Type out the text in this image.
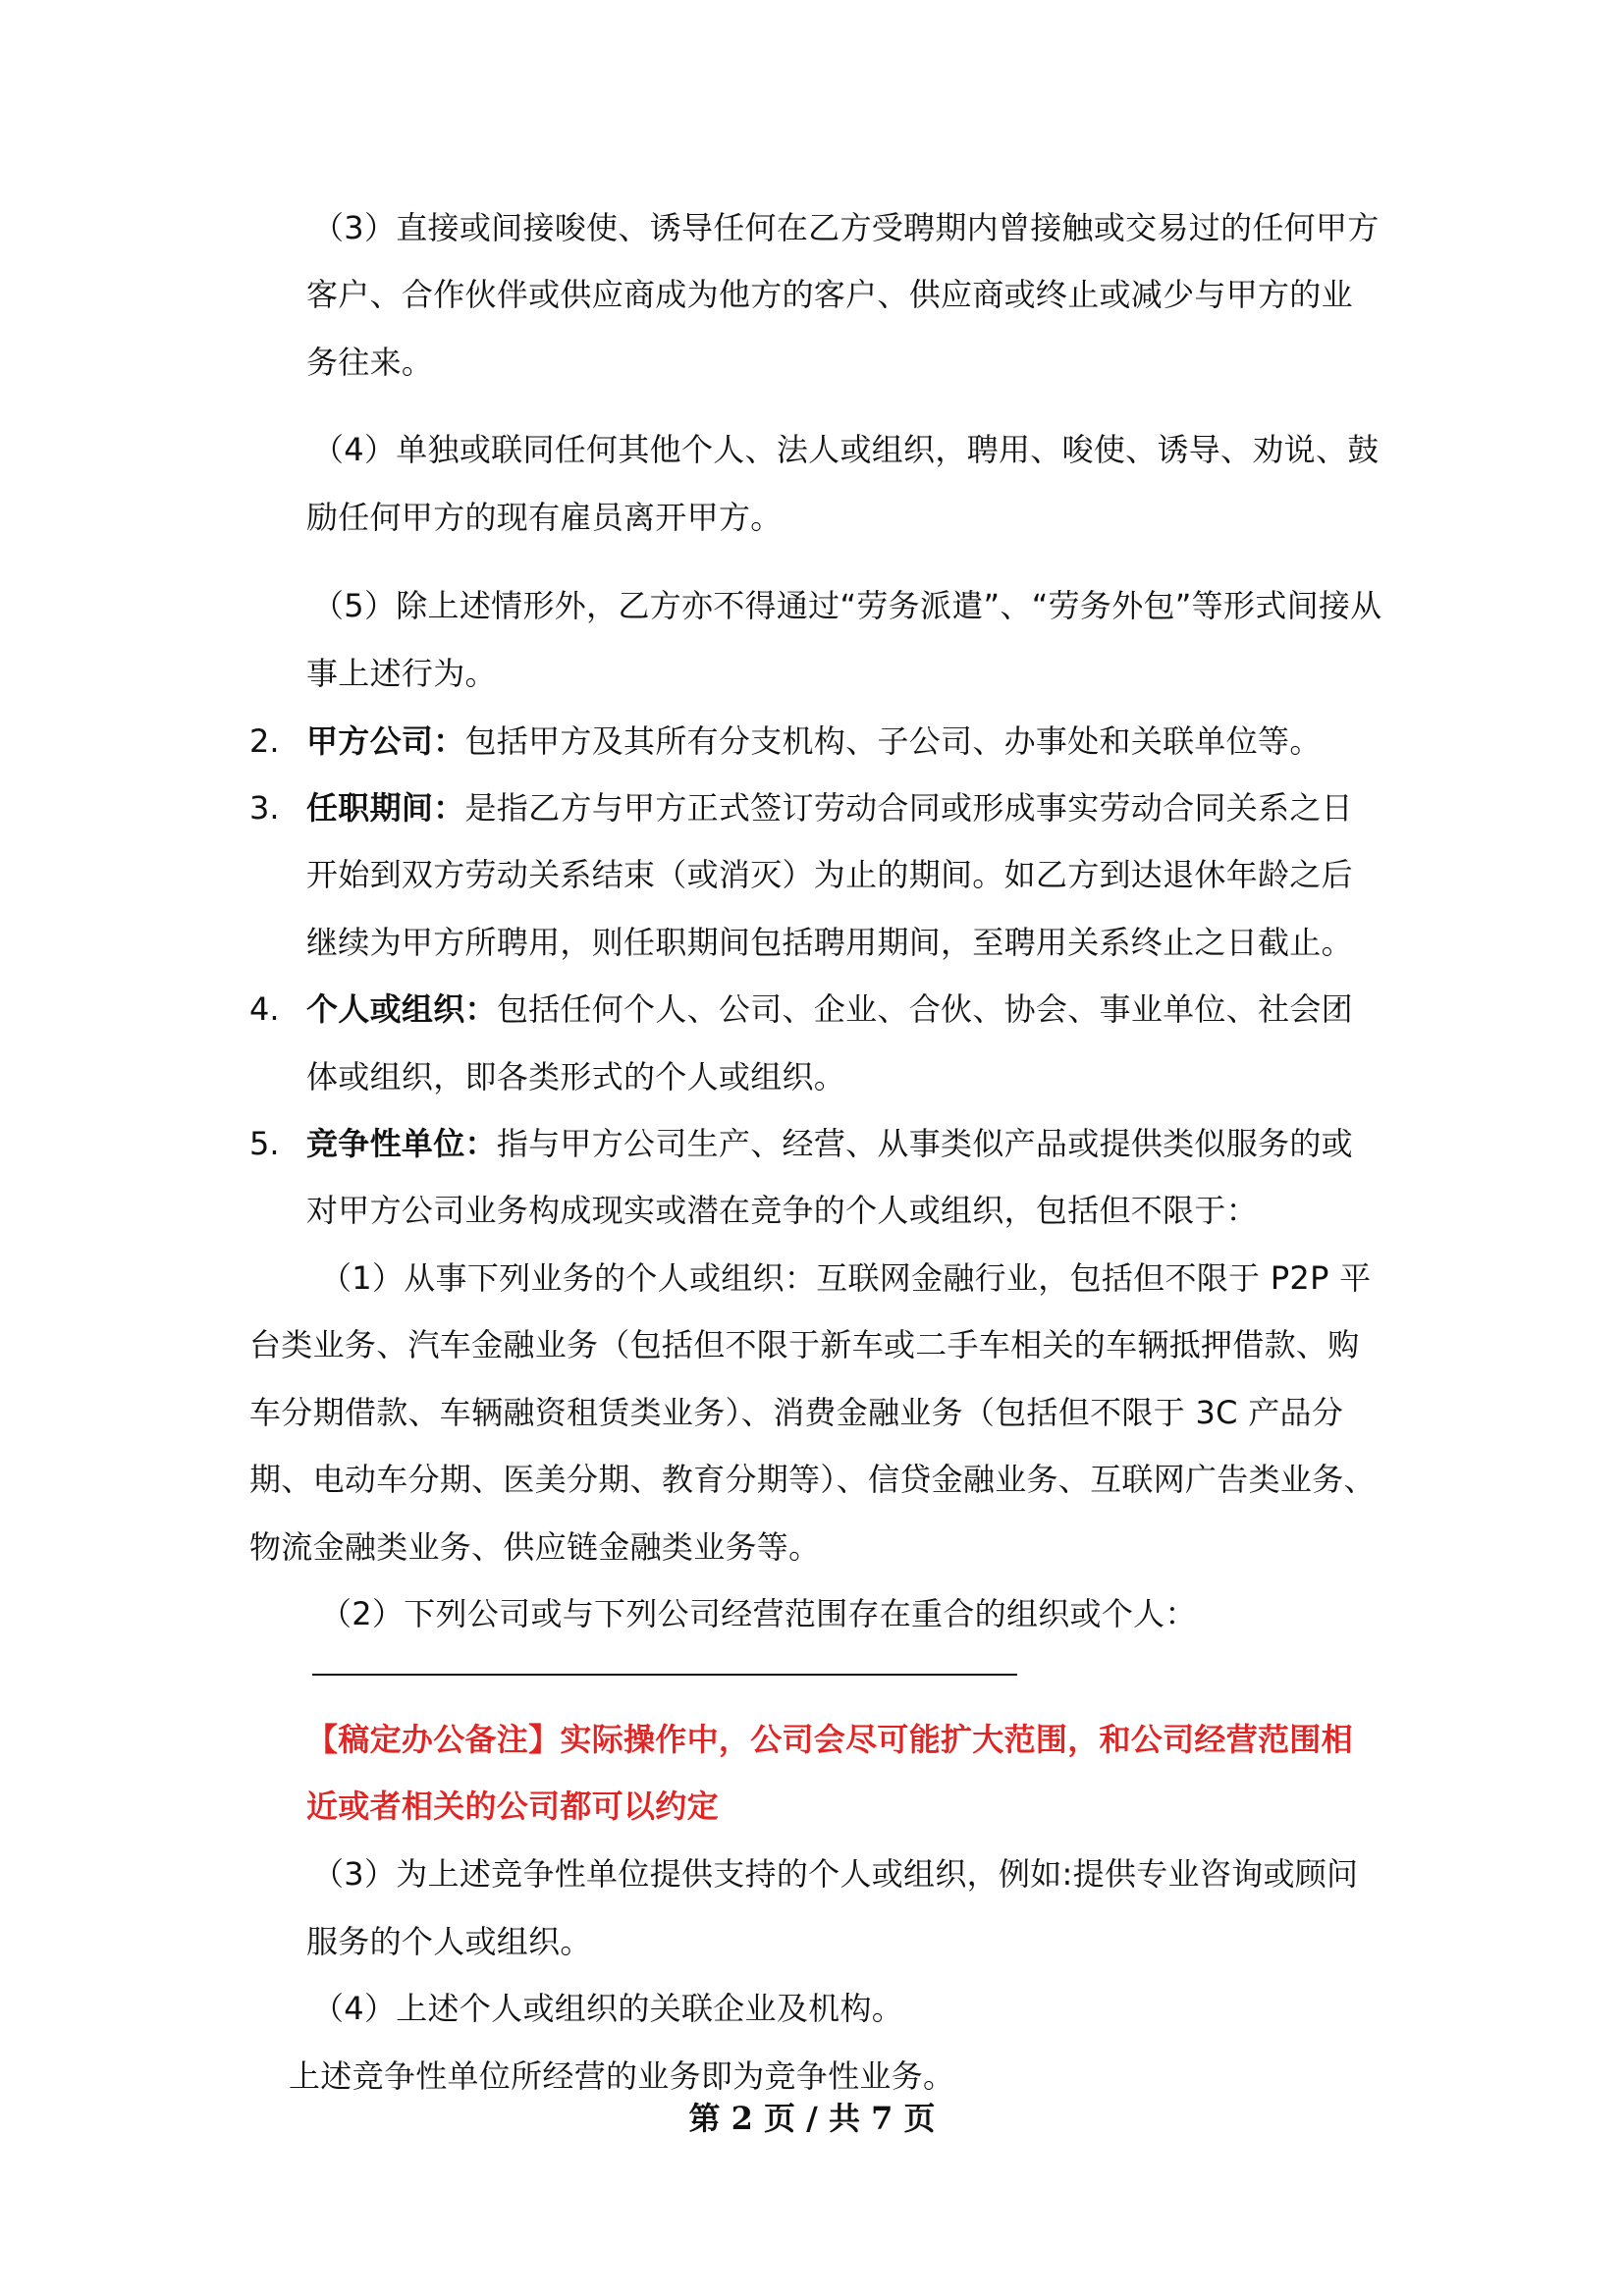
（3）直接或间接唆使、诱导任何在乙方受聘期内曾接触或交易过的任何甲方
客户、合作伙伴或供应商成为他方的客户、供应商或终止或减少与甲方的业
务往来。
（4）单独或联同任何其他个人、法人或组织，聘用、唆使、诱导、劝说、鼓
励任何甲方的现有雇员离开甲方。
（5）除上述情形外，乙方亦不得通过“劳务派遣”、“劳务外包”等形式间接从
事上述行为。
2. 甲方公司：包括甲方及其所有分支机构、子公司、办事处和关联单位等。
3. 任职期间：是指乙方与甲方正式签订劳动合同或形成事实劳动合同关系之日
开始到双方劳动关系结束（或消灭）为止的期间。如乙方到达退休年龄之后
继续为甲方所聘用，则任职期间包括聘用期间，至聘用关系终止之日截止。
4. 个人或组织：包括任何个人、公司、企业、合伙、协会、事业单位、社会团
体或组织，即各类形式的个人或组织。
5. 竞争性单位：指与甲方公司生产、经营、从事类似产品或提供类似服务的或
对甲方公司业务构成现实或潜在竞争的个人或组织，包括但不限于：
（1）从事下列业务的个人或组织：互联网金融行业，包括但不限于 P2P 平
台类业务、汽车金融业务（包括但不限于新车或二手车相关的车辆抵押借款、购
车分期借款、车辆融资租赁类业务）、消费金融业务（包括但不限于 3C 产品分
期、电动车分期、医美分期、教育分期等）、信贷金融业务、互联网广告类业务、
物流金融类业务、供应链金融类业务等。
（2）下列公司或与下列公司经营范围存在重合的组织或个人：
【稿定办公备注】实际操作中，公司会尽可能扩大范围，和公司经营范围相
近或者相关的公司都可以约定
（3）为上述竞争性单位提供支持的个人或组织，例如:提供专业咨询或顾问
服务的个人或组织。
（4）上述个人或组织的关联企业及机构。
上述竞争性单位所经营的业务即为竞争性业务。
第 2 页 / 共 7 页
